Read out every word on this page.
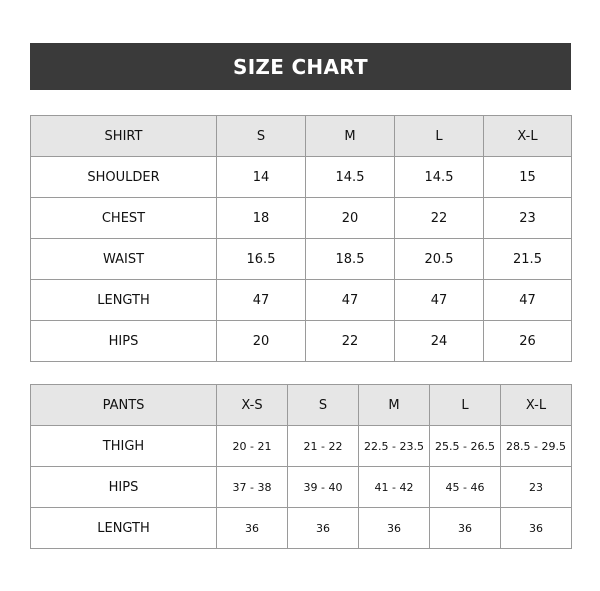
SIZE CHART
SHIRT	S	M	L	X-L
SHOULDER	14	14.5	14.5	15
CHEST	18	20	22	23
WAIST	16.5	18.5	20.5	21.5
LENGTH	47	47	47	47
HIPS	20	22	24	26
PANTS	X-S	S	M	L	X-L
THIGH	20 - 21	21 - 22	22.5 - 23.5	25.5 - 26.5	28.5 - 29.5
HIPS	37 - 38	39 - 40	41 - 42	45 - 46	23
LENGTH	36	36	36	36	36
